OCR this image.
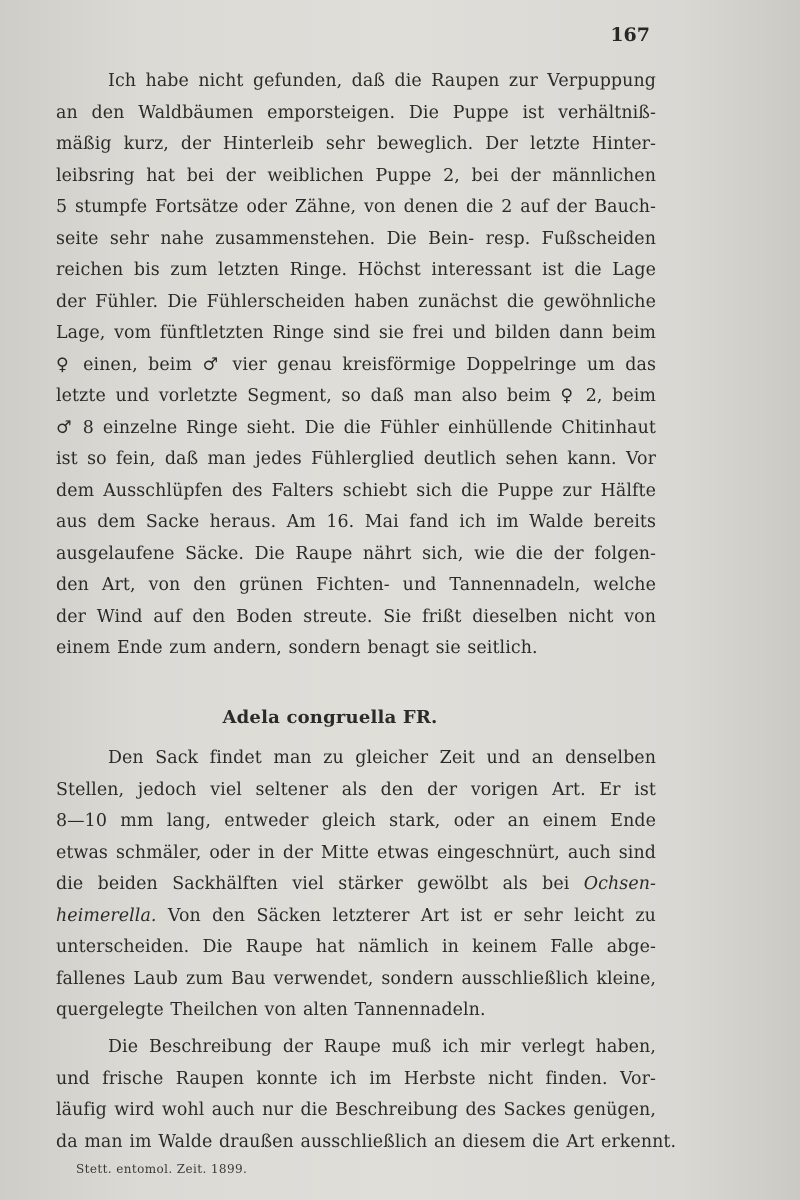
167
Ich habe nicht gefunden, daß die Raupen zur Verpuppung
an den Waldbäumen emporsteigen. Die Puppe ist verhältniß-
mäßig kurz, der Hinterleib sehr beweglich. Der letzte Hinter-
leibsring hat bei der weiblichen Puppe 2, bei der männlichen
5 stumpfe Fortsätze oder Zähne, von denen die 2 auf der Bauch-
seite sehr nahe zusammenstehen. Die Bein- resp. Fußscheiden
reichen bis zum letzten Ringe. Höchst interessant ist die Lage
der Fühler. Die Fühlerscheiden haben zunächst die gewöhnliche
Lage, vom fünftletzten Ringe sind sie frei und bilden dann beim
♀ einen, beim ♂ vier genau kreisförmige Doppelringe um das
letzte und vorletzte Segment, so daß man also beim ♀ 2, beim
♂ 8 einzelne Ringe sieht. Die die Fühler einhüllende Chitinhaut
ist so fein, daß man jedes Fühlerglied deutlich sehen kann. Vor
dem Ausschlüpfen des Falters schiebt sich die Puppe zur Hälfte
aus dem Sacke heraus. Am 16. Mai fand ich im Walde bereits
ausgelaufene Säcke. Die Raupe nährt sich, wie die der folgen-
den Art, von den grünen Fichten- und Tannennadeln, welche
der Wind auf den Boden streute. Sie frißt dieselben nicht von
einem Ende zum andern, sondern benagt sie seitlich.
Adela congruella FR.
Den Sack findet man zu gleicher Zeit und an denselben
Stellen, jedoch viel seltener als den der vorigen Art. Er ist
8—10 mm lang, entweder gleich stark, oder an einem Ende
etwas schmäler, oder in der Mitte etwas eingeschnürt, auch sind
die beiden Sackhälften viel stärker gewölbt als bei Ochsen-
heimerella. Von den Säcken letzterer Art ist er sehr leicht zu
unterscheiden. Die Raupe hat nämlich in keinem Falle abge-
fallenes Laub zum Bau verwendet, sondern ausschließlich kleine,
quergelegte Theilchen von alten Tannennadeln.
Die Beschreibung der Raupe muß ich mir verlegt haben,
und frische Raupen konnte ich im Herbste nicht finden. Vor-
läufig wird wohl auch nur die Beschreibung des Sackes genügen,
da man im Walde draußen ausschließlich an diesem die Art erkennt.
Stett. entomol. Zeit. 1899.
